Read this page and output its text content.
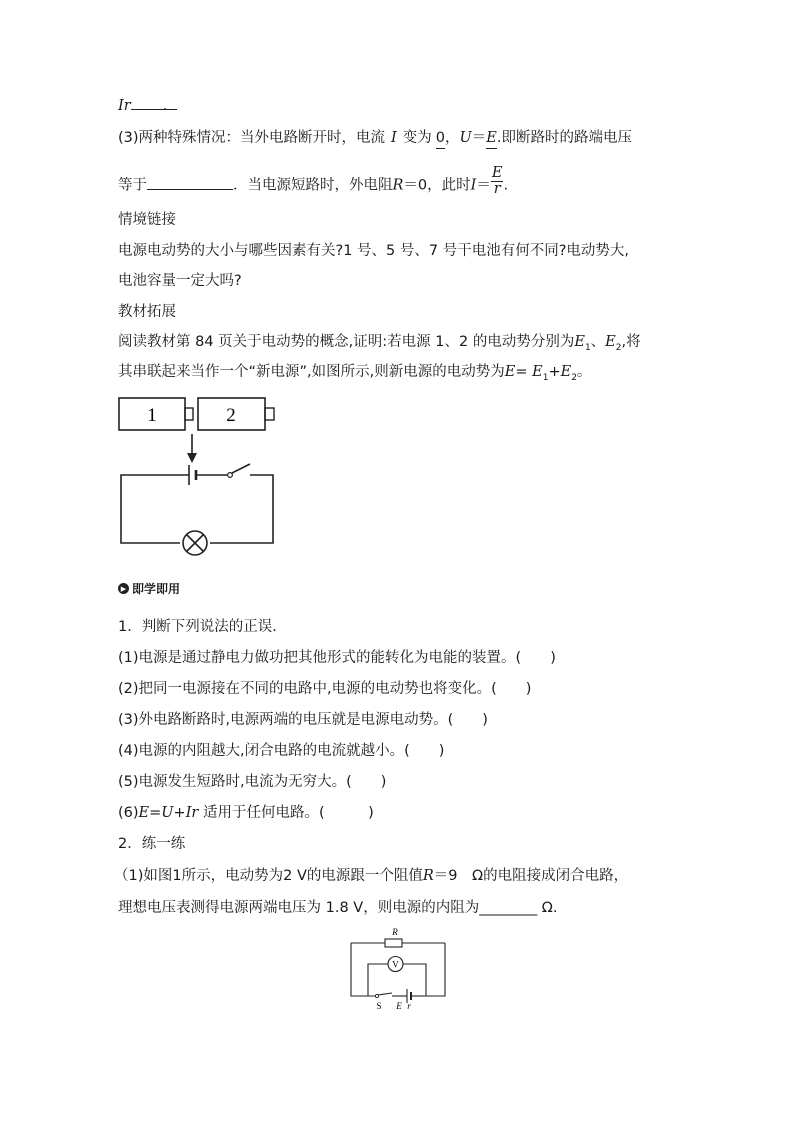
Ir .
(3)两种特殊情况：当外电路断开时，电流 I 变为 0，U＝E.即断路时的路端电压
等于	．当电源短路时，外电阻R＝0，此时$I= \frac{E}{r}$ .
情境链接
电源电动势的大小与哪些因素有关?1 号、5 号、7 号干电池有何不同?电动势大,
电池容量一定大吗?
教材拓展
阅读教材第 84 页关于电动势的概念,证明:若电源 1、2 的电动势分别为$E_1$、$E_2$,将
其串联起来当作一个“新电源”,如图所示,则新电源的电动势为$E= E_1+E_2$。
1	2
▶ 即学即用
1．判断下列说法的正误．
(1)电源是通过静电力做功把其他形式的能转化为电能的装置。(　　)
(2)把同一电源接在不同的电路中,电源的电动势也将变化。(　　)
(3)外电路断路时,电源两端的电压就是电源电动势。(　　)
(4)电源的内阻越大,闭合电路的电流就越小。(　　)
(5)电源发生短路时,电流为无穷大。(　　)
(6)E=U+Ir 适用于任何电路。(　　　)
2．练一练
（1)如图1所示，电动势为2 V的电源跟一个阻值R＝9　Ω的电阻接成闭合电路，
理想电压表测得电源两端电压为 1.8 V，则电源的内阻为________ Ω.
R
V
S E r
